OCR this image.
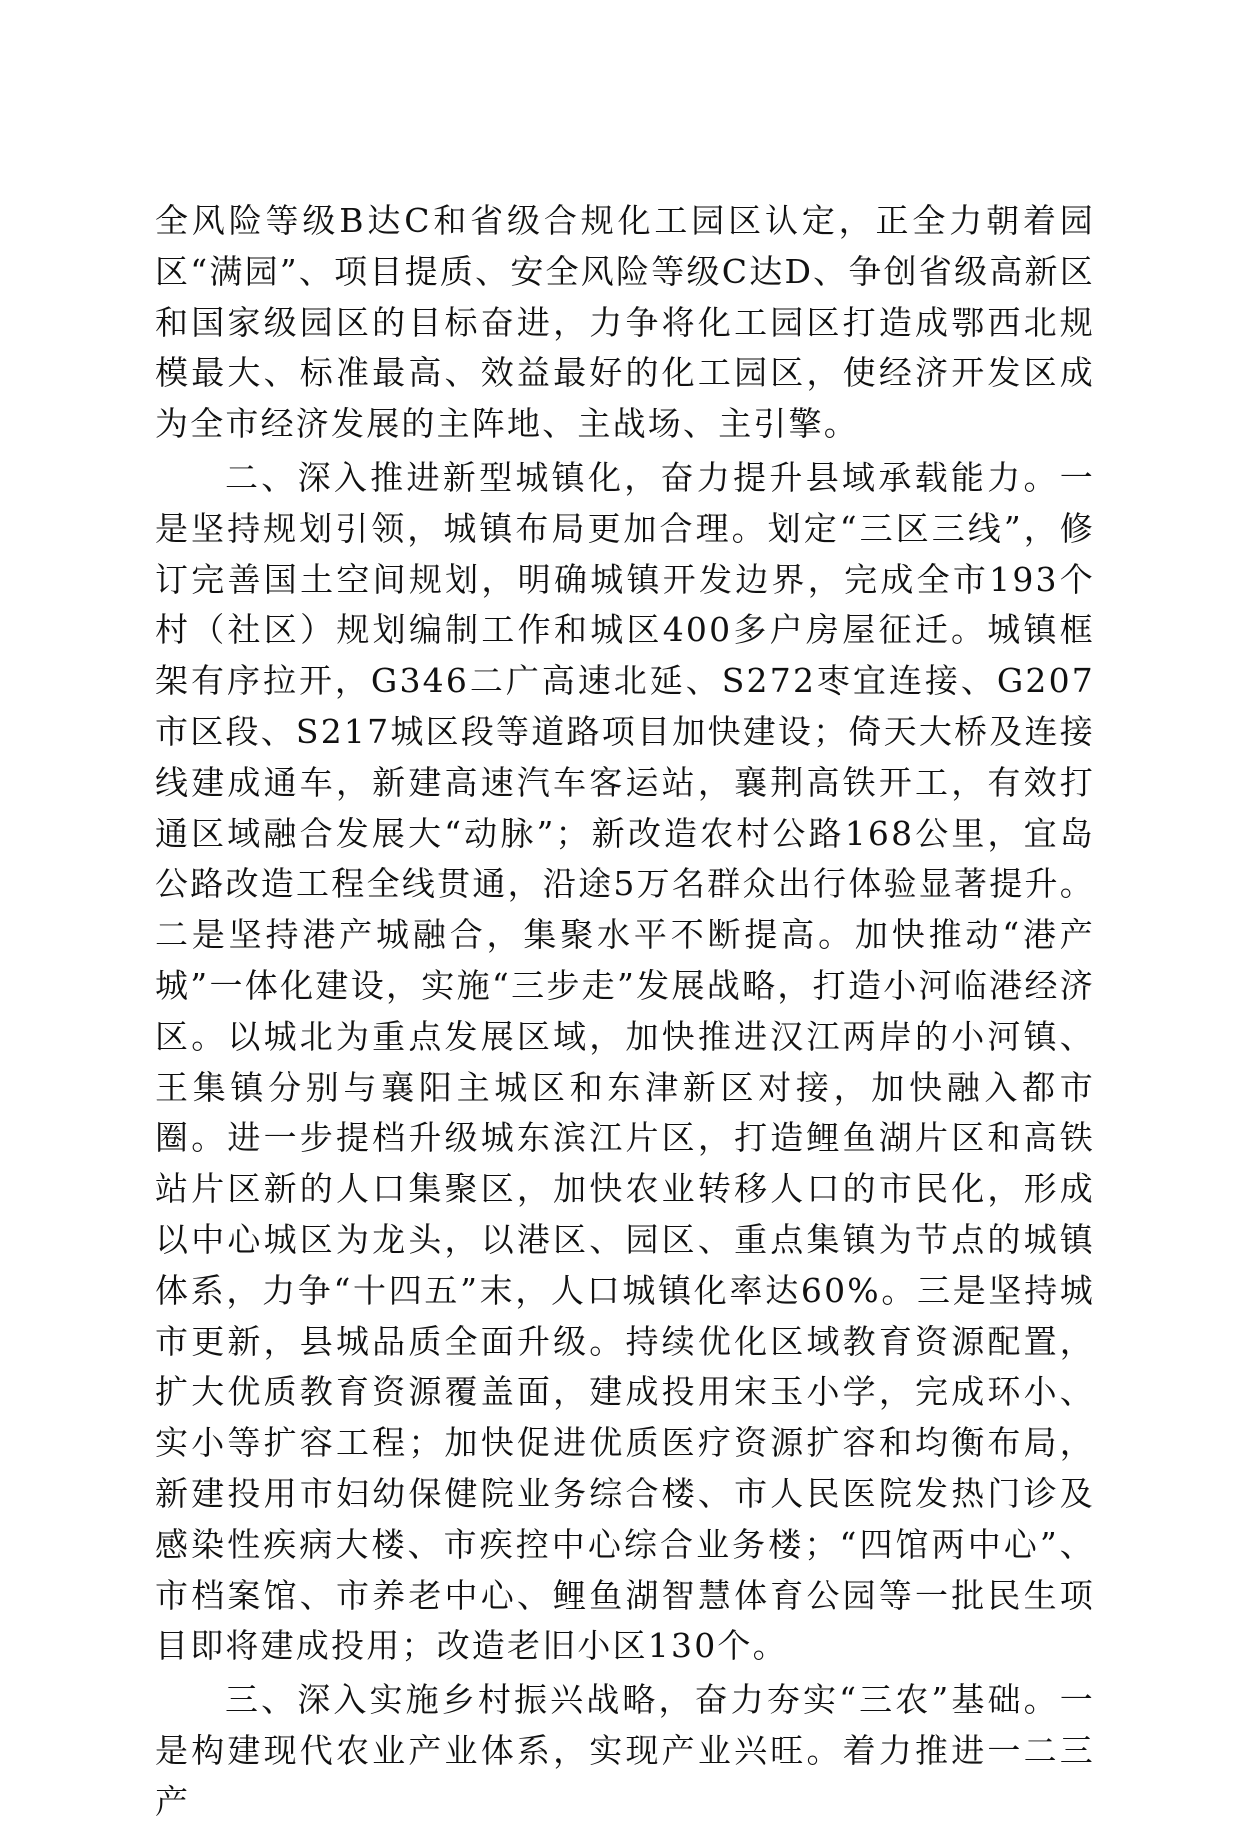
全风险等级B达C和省级合规化工园区认定，正全力朝着园区“满园”、项目提质、安全风险等级C达D、争创省级高新区和国家级园区的目标奋进，力争将化工园区打造成鄂西北规模最大、标准最高、效益最好的化工园区，使经济开发区成为全市经济发展的主阵地、主战场、主引擎。

二、深入推进新型城镇化，奋力提升县域承载能力。一是坚持规划引领，城镇布局更加合理。划定“三区三线”，修订完善国土空间规划，明确城镇开发边界，完成全市193个村（社区）规划编制工作和城区400多户房屋征迁。城镇框架有序拉开，G346二广高速北延、S272枣宜连接、G207市区段、S217城区段等道路项目加快建设；倚天大桥及连接线建成通车，新建高速汽车客运站，襄荆高铁开工，有效打通区域融合发展大“动脉”；新改造农村公路168公里，宜岛公路改造工程全线贯通，沿途5万名群众出行体验显著提升。二是坚持港产城融合，集聚水平不断提高。加快推动“港产城”一体化建设，实施“三步走”发展战略，打造小河临港经济区。以城北为重点发展区域，加快推进汉江两岸的小河镇、王集镇分别与襄阳主城区和东津新区对接，加快融入都市圈。进一步提档升级城东滨江片区，打造鲤鱼湖片区和高铁站片区新的人口集聚区，加快农业转移人口的市民化，形成以中心城区为龙头，以港区、园区、重点集镇为节点的城镇体系，力争“十四五”末，人口城镇化率达60%。三是坚持城市更新，县城品质全面升级。持续优化区域教育资源配置，扩大优质教育资源覆盖面，建成投用宋玉小学，完成环小、实小等扩容工程；加快促进优质医疗资源扩容和均衡布局，新建投用市妇幼保健院业务综合楼、市人民医院发热门诊及感染性疾病大楼、市疾控中心综合业务楼；“四馆两中心”、市档案馆、市养老中心、鲤鱼湖智慧体育公园等一批民生项目即将建成投用；改造老旧小区130个。

三、深入实施乡村振兴战略，奋力夯实“三农”基础。一是构建现代农业产业体系，实现产业兴旺。着力推进一二三产
